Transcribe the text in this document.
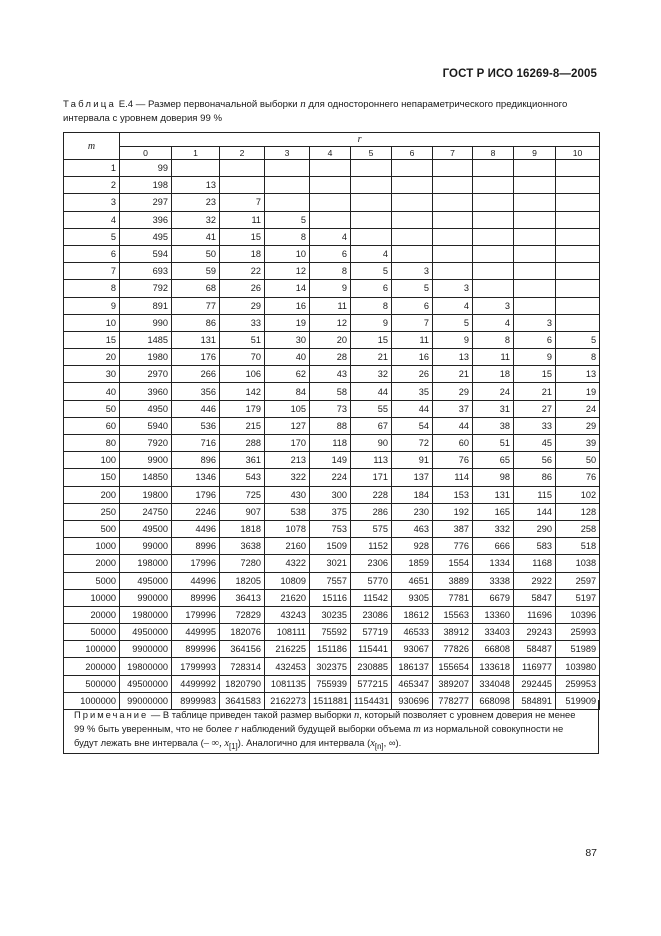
ГОСТ Р ИСО 16269-8—2005
Таблица Е.4 — Размер первоначальной выборки n для одностороннего непараметрического предикционного интервала с уровнем доверия 99 %
m	r										
	0	1	2	3	4	5	6	7	8	9	10
1	99										
2	198	13									
3	297	23	7								
4	396	32	11	5							
5	495	41	15	8	4						
6	594	50	18	10	6	4					
7	693	59	22	12	8	5	3				
8	792	68	26	14	9	6	5	3			
9	891	77	29	16	11	8	6	4	3		
10	990	86	33	19	12	9	7	5	4	3	
15	1485	131	51	30	20	15	11	9	8	6	5
20	1980	176	70	40	28	21	16	13	11	9	8
30	2970	266	106	62	43	32	26	21	18	15	13
40	3960	356	142	84	58	44	35	29	24	21	19
50	4950	446	179	105	73	55	44	37	31	27	24
60	5940	536	215	127	88	67	54	44	38	33	29
80	7920	716	288	170	118	90	72	60	51	45	39
100	9900	896	361	213	149	113	91	76	65	56	50
150	14850	1346	543	322	224	171	137	114	98	86	76
200	19800	1796	725	430	300	228	184	153	131	115	102
250	24750	2246	907	538	375	286	230	192	165	144	128
500	49500	4496	1818	1078	753	575	463	387	332	290	258
1000	99000	8996	3638	2160	1509	1152	928	776	666	583	518
2000	198000	17996	7280	4322	3021	2306	1859	1554	1334	1168	1038
5000	495000	44996	18205	10809	7557	5770	4651	3889	3338	2922	2597
10000	990000	89996	36413	21620	15116	11542	9305	7781	6679	5847	5197
20000	1980000	179996	72829	43243	30235	23086	18612	15563	13360	11696	10396
50000	4950000	449995	182076	108111	75592	57719	46533	38912	33403	29243	25993
100000	9900000	899996	364156	216225	151186	115441	93067	77826	66808	58487	51989
200000	19800000	1799993	728314	432453	302375	230885	186137	155654	133618	116977	103980
500000	49500000	4499992	1820790	1081135	755939	577215	465347	389207	334048	292445	259953
1000000	99000000	8999983	3641583	2162273	1511881	1154431	930696	778277	668098	584891	519909
Примечание — В таблице приведен такой размер выборки n, который позволяет с уровнем доверия не менее 99 % быть уверенным, что не более r наблюдений будущей выборки объема m из нормальной совокупности не будут лежать вне интервала (– ∞, $x_{[1]}$). Аналогично для интервала ($x_{[n]}$, ∞).
87
